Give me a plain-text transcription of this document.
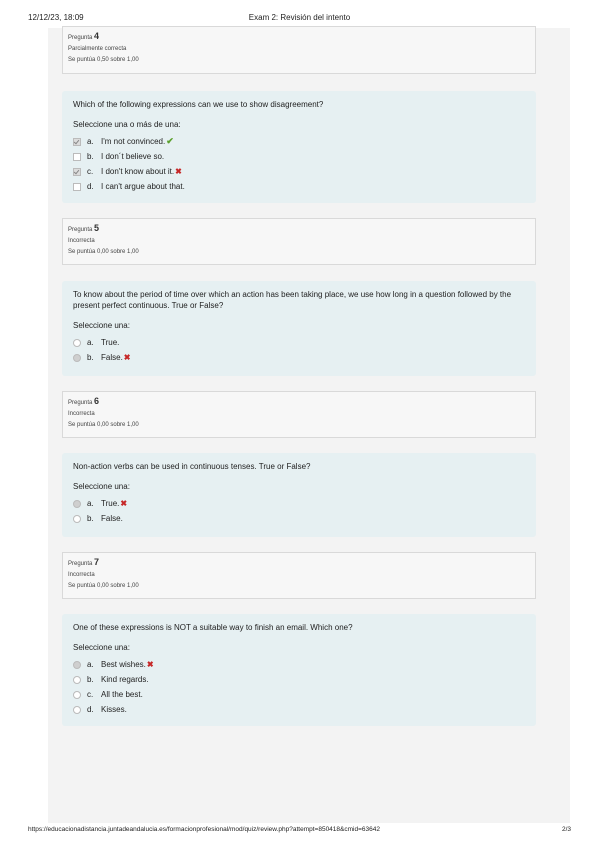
12/12/23, 18:09	Exam 2: Revisión del intento
Pregunta 4
Parcialmente correcta
Se puntúa 0,50 sobre 1,00
Which of the following expressions can we use to show disagreement?
Seleccione una o más de una:
a. I'm not convinced. ✔
b. I don´t believe so.
c. I don't know about it. ✖
d. I can't argue about that.
Pregunta 5
Incorrecta
Se puntúa 0,00 sobre 1,00
To know about the period of time over which an action has been taking place, we use how long in a question followed by the present perfect continuous. True or False?
Seleccione una:
a. True.
b. False. ✖
Pregunta 6
Incorrecta
Se puntúa 0,00 sobre 1,00
Non-action verbs can be used in continuous tenses. True or False?
Seleccione una:
a. True. ✖
b. False.
Pregunta 7
Incorrecta
Se puntúa 0,00 sobre 1,00
One of these expressions is NOT a suitable way to finish an email. Which one?
Seleccione una:
a. Best wishes. ✖
b. Kind regards.
c. All the best.
d. Kisses.
https://educacionadistancia.juntadeandalucia.es/formacionprofesional/mod/quiz/review.php?attempt=850418&cmid=63642	2/3
